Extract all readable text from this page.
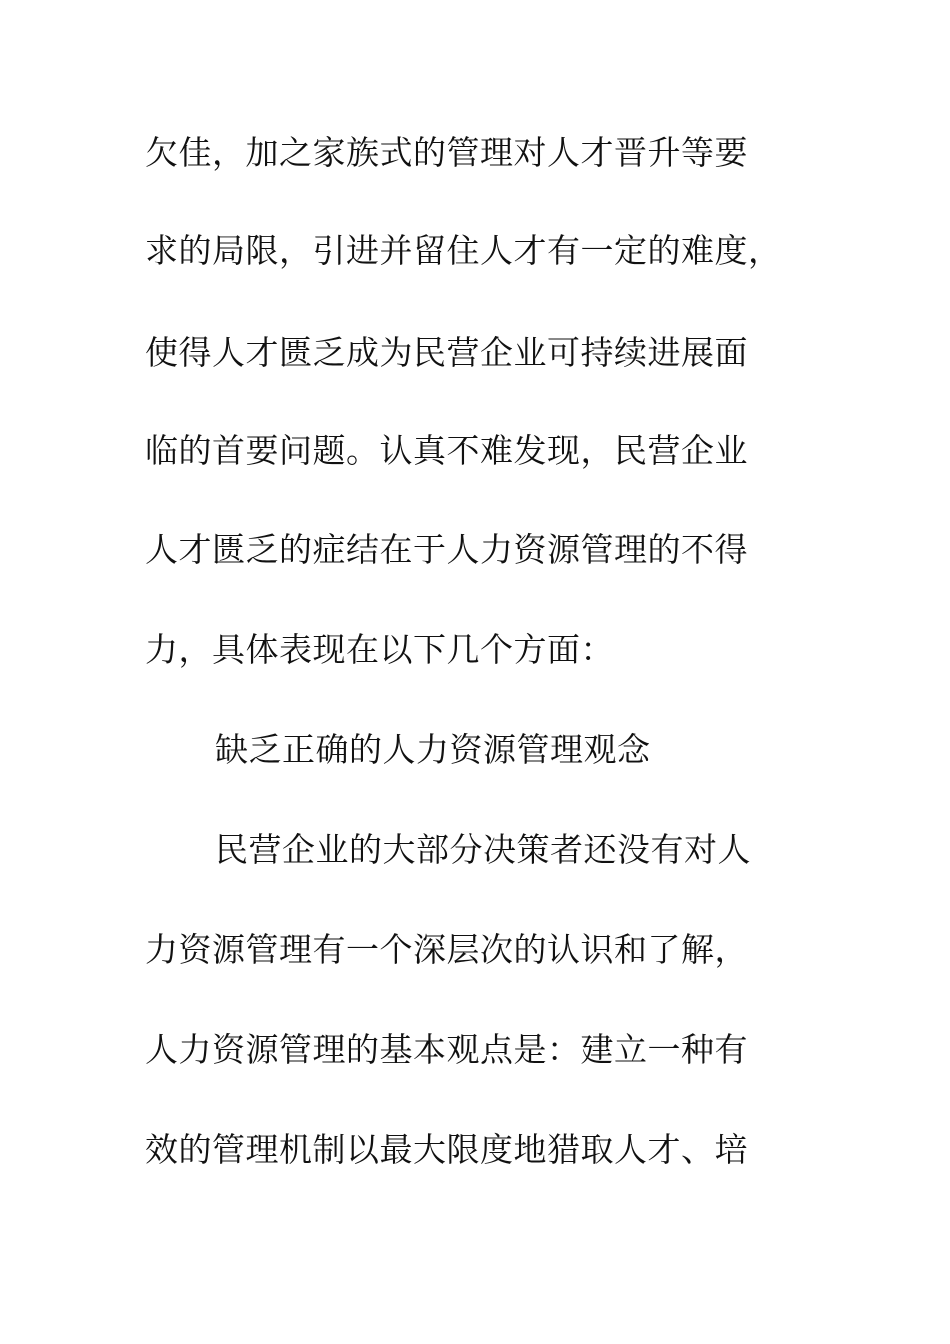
欠佳，加之家族式的管理对人才晋升等要
求的局限，引进并留住人才有一定的难度，
使得人才匮乏成为民营企业可持续进展面
临的首要问题。认真不难发现，民营企业
人才匮乏的症结在于人力资源管理的不得
力，具体表现在以下几个方面：
缺乏正确的人力资源管理观念
民营企业的大部分决策者还没有对人
力资源管理有一个深层次的认识和了解，
人力资源管理的基本观点是：建立一种有
效的管理机制以最大限度地猎取人才、培
